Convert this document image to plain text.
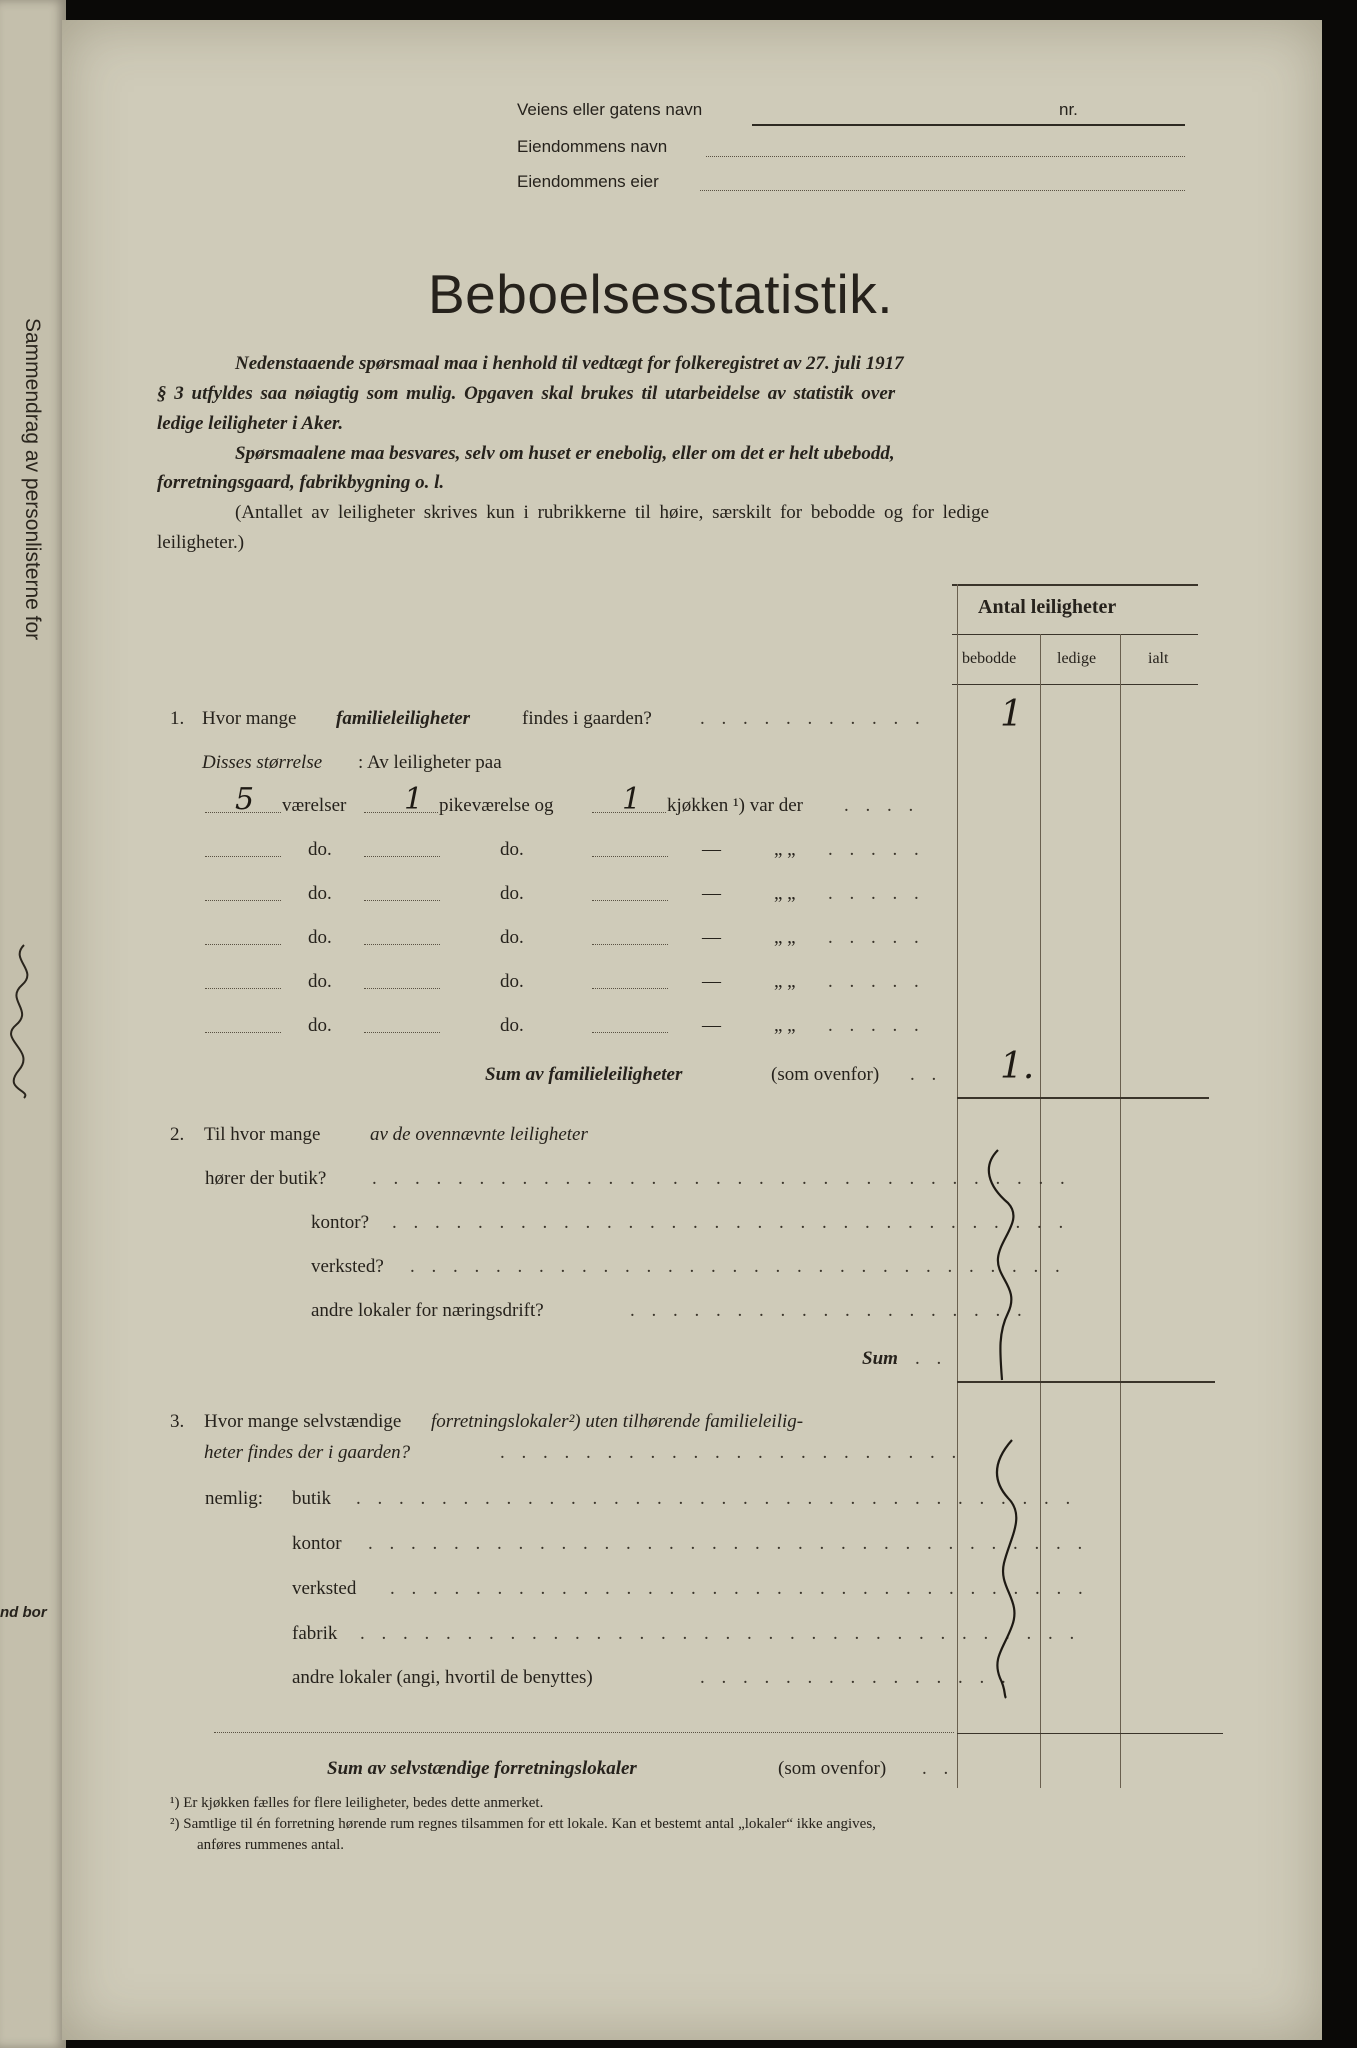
Sammendrag av personlisterne for
nd bor
Veiens eller gatens navn	nr.
Eiendommens navn
Eiendommens eier
Beboelsesstatistik.
Nedenstaaende spørsmaal maa i henhold til vedtægt for folkeregistret av 27. juli 1917
§ 3 utfyldes saa nøiagtig som mulig. Opgaven skal brukes til utarbeidelse av statistik over
ledige leiligheter i Aker.
Spørsmaalene maa besvares, selv om huset er enebolig, eller om det er helt ubebodd,
forretningsgaard, fabrikbygning o. l.
(Antallet av leiligheter skrives kun i rubrikkerne til høire, særskilt for bebodde og for ledige
leiligheter.)
Antal leiligheter
bebodde	ledige	ialt
1. Hvor mange familieleiligheter	findes i gaarden?	. . . . . . . . . . . 1
Disses størrelse : Av leiligheter paa
5 værelser 1 pikeværelse og 1 kjøkken ¹) var der . . . .
do.	do.	—	„ „ . . . . .
do.	do.	—	„ „ . . . . .
do.	do.	—	„ „ . . . . .
do.	do.	—	„ „ . . . . .
do.	do.	—	„ „ . . . . .
Sum av familieleiligheter	(som ovenfor) . . 1.
2. Til hvor mange	av de ovennævnte leiligheter
hører der butik? . . . . . . . . . . . . . . . . . . . . . . . . . . . . . . . . .
kontor? . . . . . . . . . . . . . . . . . . . . . . . . . . . . . . . .
verksted? . . . . . . . . . . . . . . . . . . . . . . . . . . . . . . .
andre lokaler for næringsdrift?	. . . . . . . . . . . . . . . . . . .
Sum . .
3. Hvor mange selvstændige forretningslokaler²) uten tilhørende familieleilig-
heter findes der i gaarden?	. . . . . . . . . . . . . . . . . . . . . .
nemlig: butik . . . . . . . . . . . . . . . . . . . . . . . . . . . . . . . . . .
kontor . . . . . . . . . . . . . . . . . . . . . . . . . . . . . . . . . .
verksted . . . . . . . . . . . . . . . . . . . . . . . . . . . . . . . . .
fabrik . . . . . . . . . . . . . . . . . . . . . . . . . . . . . . . . . .
andre lokaler (angi, hvortil de benyttes)	. . . . . . . . . . . . . . .
Sum av selvstændige forretningslokaler	(som ovenfor) . .
¹) Er kjøkken fælles for flere leiligheter, bedes dette anmerket.
²) Samtlige til én forretning hørende rum regnes tilsammen for ett lokale. Kan et bestemt antal „lokaler“ ikke angives,
anføres rummenes antal.
